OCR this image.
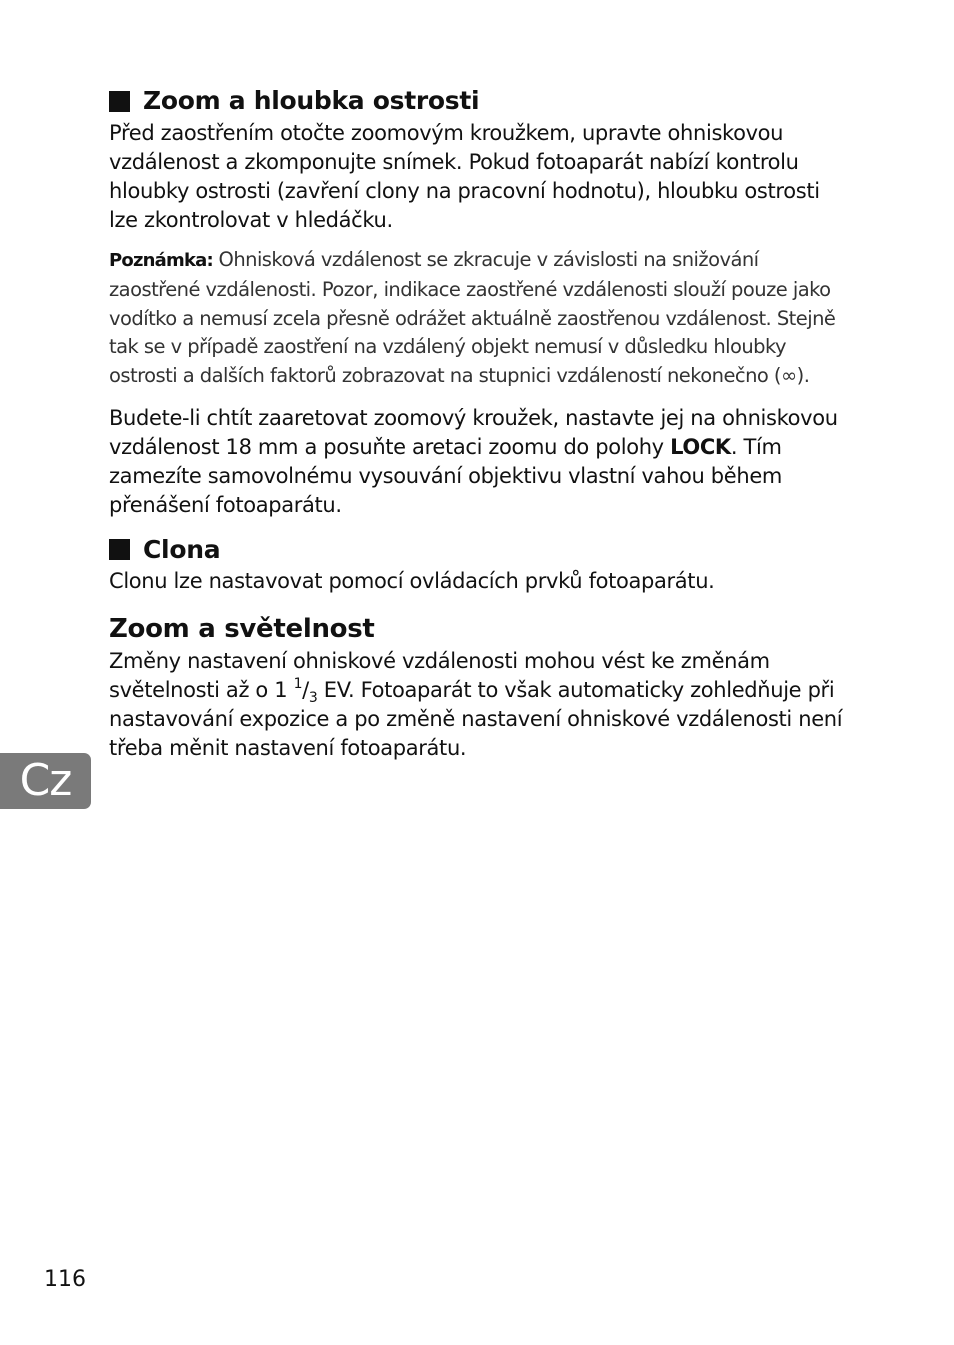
Zoom a hloubka ostrosti

Před zaostřením otočte zoomovým kroužkem, upravte ohniskovou vzdálenost a zkomponujte snímek. Pokud fotoaparát nabízí kontrolu hloubky ostrosti (zavření clony na pracovní hodnotu), hloubku ostrosti lze zkontrolovat v hledáčku.

Poznámka: Ohnisková vzdálenost se zkracuje v závislosti na snižování zaostřené vzdálenosti. Pozor, indikace zaostřené vzdálenosti slouží pouze jako vodítko a nemusí zcela přesně odrážet aktuálně zaostřenou vzdálenost. Stejně tak se v případě zaostření na vzdálený objekt nemusí v důsledku hloubky ostrosti a dalších faktorů zobrazovat na stupnici vzdáleností nekonečno (∞).

Budete-li chtít zaaretovat zoomový kroužek, nastavte jej na ohniskovou vzdálenost 18 mm a posuňte aretaci zoomu do polohy LOCK. Tím zamezíte samovolnému vysouvání objektivu vlastní vahou během přenášení fotoaparátu.

Clona

Clonu lze nastavovat pomocí ovládacích prvků fotoaparátu.

Zoom a světelnost

Změny nastavení ohniskové vzdálenosti mohou vést ke změnám světelnosti až o 1 $^1/_3$ EV. Fotoaparát to však automaticky zohledňuje při nastavování expozice a po změně nastavení ohniskové vzdálenosti není třeba měnit nastavení fotoaparátu.

Cz
116
